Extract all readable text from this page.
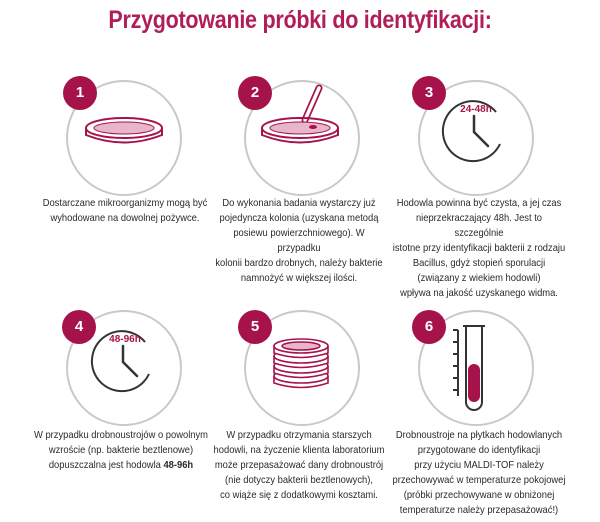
Przygotowanie próbki do identyfikacji:
1

Dostarczane mikroorganizmy mogą być

wyhodowane na dowolnej pożywce.

2

Do wykonania badania wystarczy już

pojedyncza kolonia (uzyskana metodą

posiewu powierzchniowego). W przypadku

kolonii bardzo drobnych, należy bakterie

namnożyć w większej ilości.

3
24-48h

Hodowla powinna być czysta, a jej czas

nieprzekraczający 48h. Jest to szczególnie

istotne przy identyfikacji bakterii z rodzaju

Bacillus, gdyż stopień sporulacji

(związany z wiekiem hodowli)

wpływa na jakość uzyskanego widma.

4
48-96h

W przypadku drobnoustrojów o powolnym

wzroście (np. bakterie beztlenowe)

dopuszczalna jest hodowla 48-96h

5

W przypadku otrzymania starszych

hodowli, na życzenie klienta laboratorium

może przepasażować dany drobnoustrój

(nie dotyczy bakterii beztlenowych),

co wiąże się z dodatkowymi kosztami.

6

Drobnoustroje na płytkach hodowlanych

przygotowane do identyfikacji

przy użyciu MALDI-TOF należy

przechowywać w temperaturze pokojowej

(próbki przechowywane w obniżonej

temperaturze należy przepasażować!)
